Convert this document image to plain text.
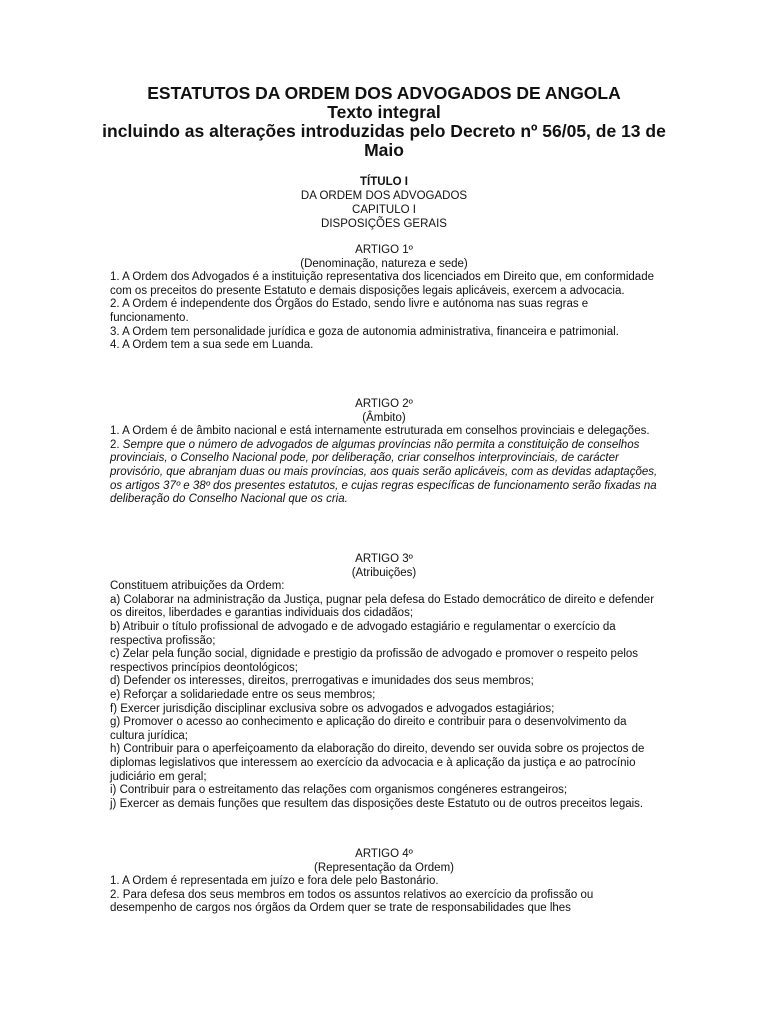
ESTATUTOS DA ORDEM DOS ADVOGADOS DE ANGOLA
Texto integral
incluindo as alterações introduzidas pelo Decreto nº 56/05, de 13 de Maio
TÍTULO I
DA ORDEM DOS ADVOGADOS
CAPITULO I
DISPOSIÇÕES GERAIS
ARTIGO 1º
(Denominação, natureza e sede)
1. A Ordem dos Advogados é a instituição representativa dos licenciados em Direito que, em conformidade com os preceitos do presente Estatuto e demais disposições legais aplicáveis, exercem a advocacia.
2. A Ordem é independente dos Órgãos do Estado, sendo livre e autónoma nas suas regras e funcionamento.
3. A Ordem tem personalidade jurídica e goza de autonomia administrativa, financeira e patrimonial.
4. A Ordem tem a sua sede em Luanda.
ARTIGO 2º
(Âmbito)
1. A Ordem é de âmbito nacional e está internamente estruturada em conselhos provinciais e delegações.
2. Sempre que o número de advogados de algumas províncias não permita a constituição de conselhos provinciais, o Conselho Nacional pode, por deliberação, criar conselhos interprovinciais, de carácter provisório, que abranjam duas ou mais províncias, aos quais serão aplicáveis, com as devidas adaptações, os artigos 37º e 38º dos presentes estatutos, e cujas regras específicas de funcionamento serão fixadas na deliberação do Conselho Nacional que os cria.
ARTIGO 3º
(Atribuições)
Constituem atribuições da Ordem:
a) Colaborar na administração da Justiça, pugnar pela defesa do Estado democrático de direito e defender os direitos, liberdades e garantias individuais dos cidadãos;
b) Atribuir o título profissional de advogado e de advogado estagiário e regulamentar o exercício da respectiva profissão;
c) Zelar pela função social, dignidade e prestigio da profissão de advogado e promover o respeito pelos respectivos princípios deontológicos;
d) Defender os interesses, direitos, prerrogativas e imunidades dos seus membros;
e) Reforçar a solidariedade entre os seus membros;
f) Exercer jurisdição disciplinar exclusiva sobre os advogados e advogados estagiários;
g) Promover o acesso ao conhecimento e aplicação do direito e contribuir para o desenvolvimento da cultura jurídica;
h) Contribuir para o aperfeiçoamento da elaboração do direito, devendo ser ouvida sobre os projectos de diplomas legislativos que interessem ao exercício da advocacia e à aplicação da justiça e ao patrocínio judiciário em geral;
i) Contribuir para o estreitamento das relações com organismos congéneres estrangeiros;
j) Exercer as demais funções que resultem das disposições deste Estatuto ou de outros preceitos legais.
ARTIGO 4º
(Representação da Ordem)
1. A Ordem é representada em juízo e fora dele pelo Bastonário.
2. Para defesa dos seus membros em todos os assuntos relativos ao exercício da profissão ou desempenho de cargos nos órgãos da Ordem quer se trate de responsabilidades que lhes
